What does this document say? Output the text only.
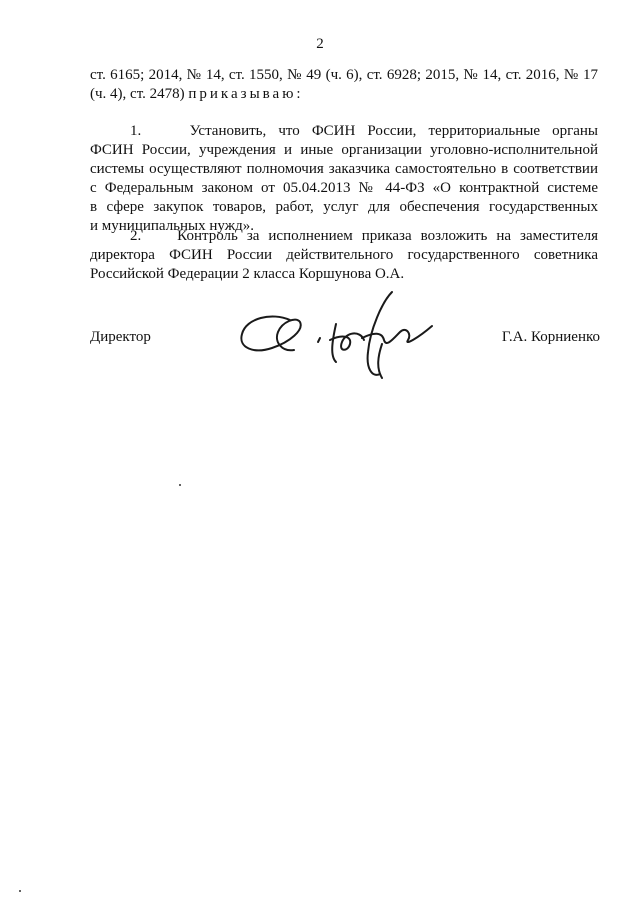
2
ст. 6165; 2014, № 14, ст. 1550, № 49 (ч. 6), ст. 6928; 2015, № 14, ст. 2016, № 17
(ч. 4), ст. 2478) приказываю:
1.    Установить, что ФСИН России, территориальные органы
ФСИН России, учреждения и иные организации уголовно-исполнительной
системы осуществляют полномочия заказчика самостоятельно в соответствии
с Федеральным законом от 05.04.2013 № 44-ФЗ «О контрактной системе
в сфере закупок товаров, работ, услуг для обеспечения государственных
и муниципальных нужд».
2.    Контроль за исполнением приказа возложить на заместителя
директора ФСИН России действительного государственного советника
Российской Федерации 2 класса Коршунова О.А.
Директор	Г.А. Корниенко
